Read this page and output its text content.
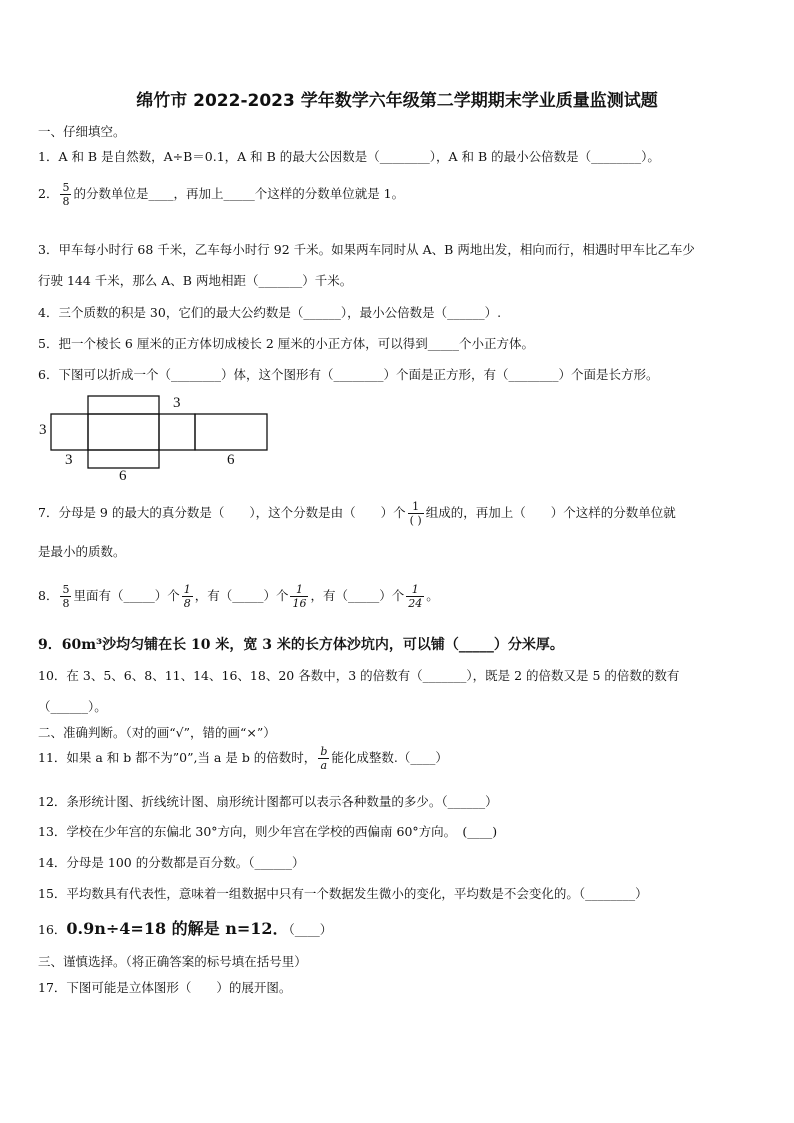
绵竹市 2022-2023 学年数学六年级第二学期期末学业质量监测试题
一、仔细填空。
1．A 和 B 是自然数，A÷B＝0.1，A 和 B 的最大公因数是（________），A 和 B 的最小公倍数是（________）。
2． $\frac{5}{8}$ 的分数单位是____，再加上_____个这样的分数单位就是 1。
3．甲车每小时行 68 千米，乙车每小时行 92 千米。如果两车同时从 A、B 两地出发，相向而行，相遇时甲车比乙车少
行驶 144 千米，那么 A、B 两地相距（_______）千米。
4．三个质数的积是 30，它们的最大公约数是（______），最小公倍数是（______）.
5．把一个棱长 6 厘米的正方体切成棱长 2 厘米的小正方体，可以得到_____个小正方体。
6．下图可以折成一个（________）体，这个图形有（________）个面是正方形，有（________）个面是长方形。
3
3
3
6
6
7．分母是 9 的最大的真分数是（　　），这个分数是由（　　）个 $\frac{1}{( )}$ 组成的，再加上（　　）个这样的分数单位就
是最小的质数。
8． $\frac{5}{8}$ 里面有（_____）个 $\frac{1}{8}$ ，有（_____）个 $\frac{1}{16}$ ，有（_____）个 $\frac{1}{24}$ 。
9．60m³沙均匀铺在长 10 米，宽 3 米的长方体沙坑内，可以铺（_____）分米厚。
10．在 3、5、6、8、11、14、16、18、20 各数中，3 的倍数有（_______），既是 2 的倍数又是 5 的倍数的数有
（______）。
二、准确判断。（对的画“√”，错的画“×”）
11．如果 a 和 b 都不为”0”,当 a 是 b 的倍数时， $\frac{b}{a}$ 能化成整数.（____）
12．条形统计图、折线统计图、扇形统计图都可以表示各种数量的多少。（______）
13．学校在少年宫的东偏北 30°方向，则少年宫在学校的西偏南 60°方向。　(____)
14．分母是 100 的分数都是百分数。（______）
15．平均数具有代表性，意味着一组数据中只有一个数据发生微小的变化，平均数是不会变化的。（________）
16．0.9n÷4=18 的解是 n=12．（____）
三、谨慎选择。（将正确答案的标号填在括号里）
17．下图可能是立体图形（　　）的展开图。
